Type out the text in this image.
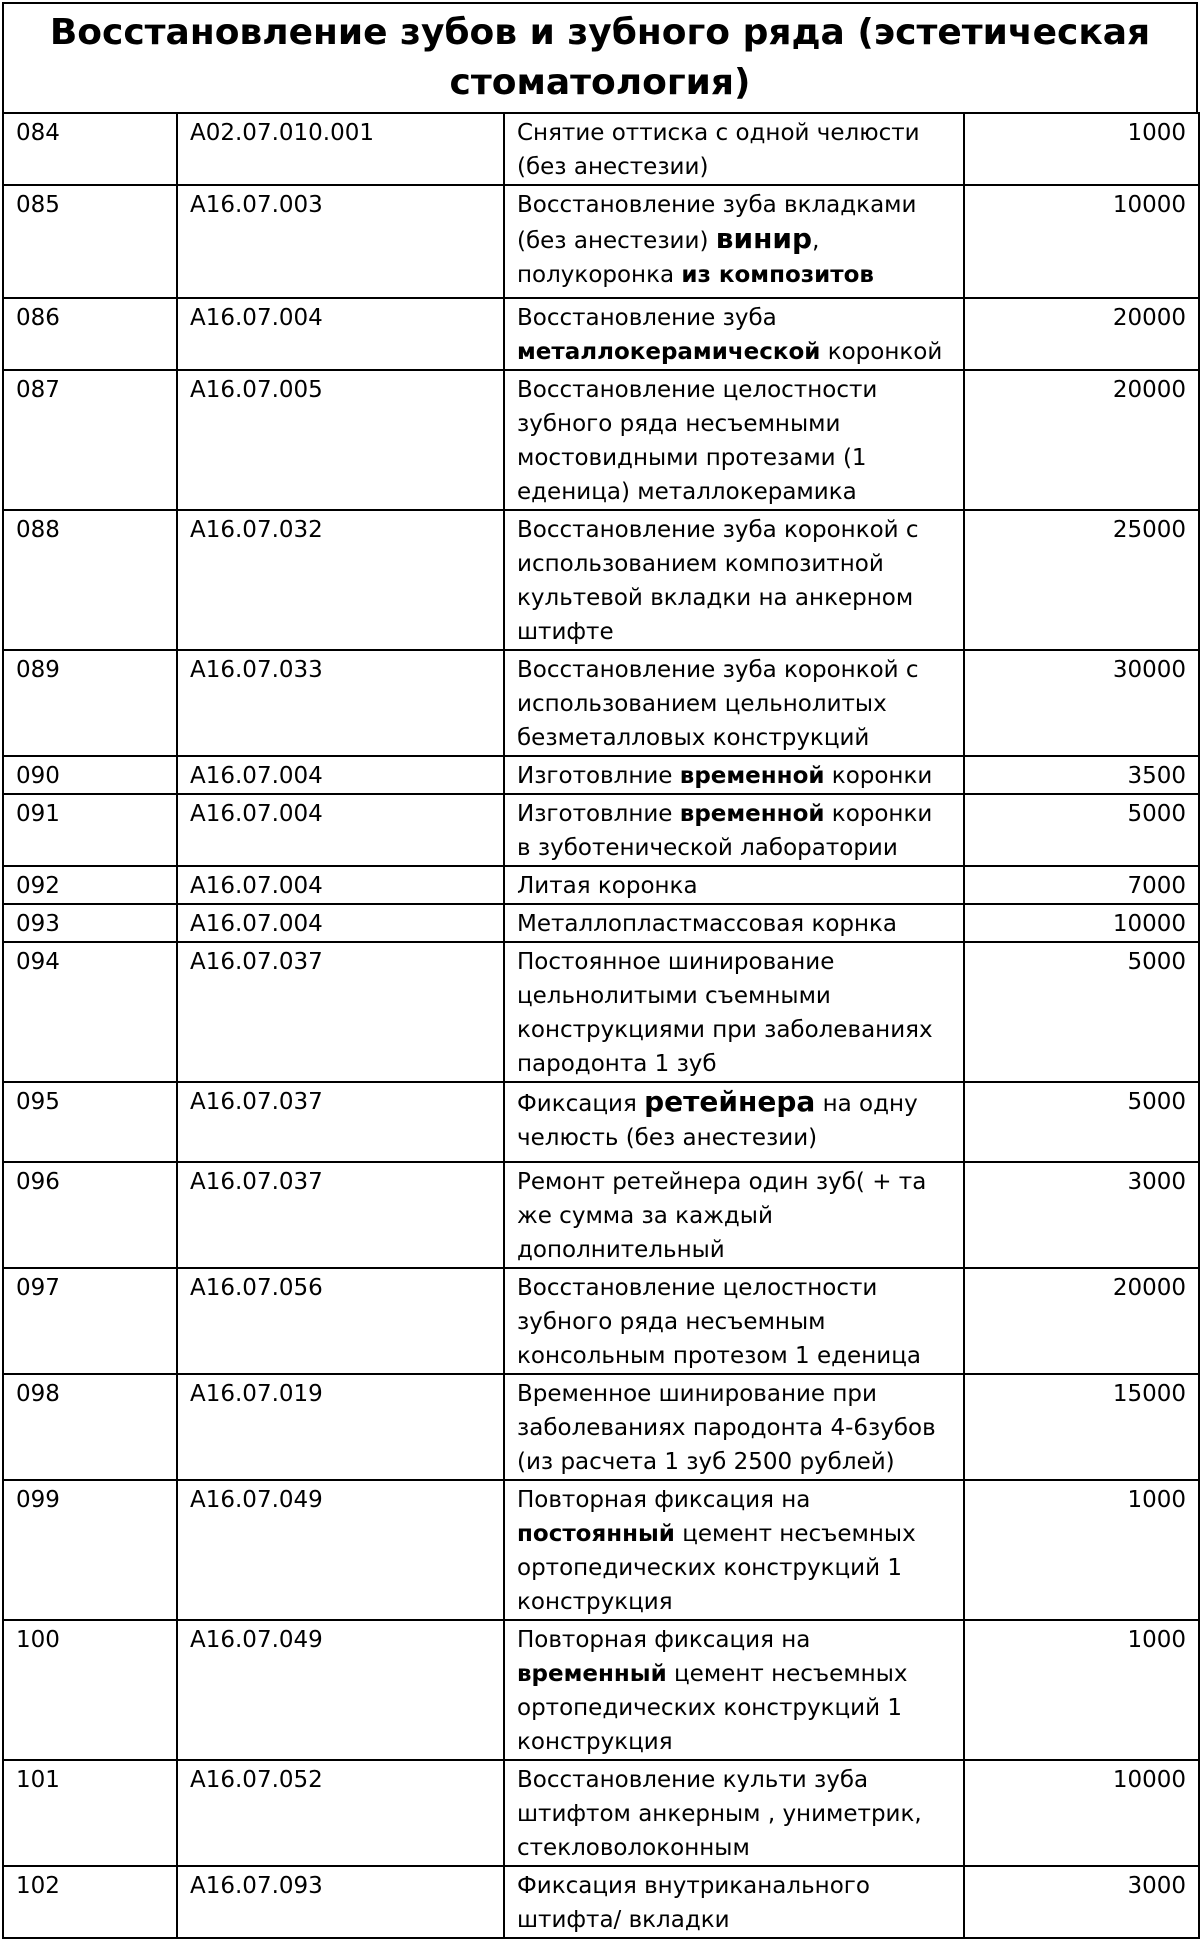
Восстановление зубов и зубного ряда (эстетическая стоматология)
084	A02.07.010.001	Снятие оттиска с одной челюсти (без анестезии)	1000
085	A16.07.003	Восстановление зуба вкладками (без анестезии) винир, полукоронка из композитов	10000
086	A16.07.004	Восстановление зуба металлокерамической коронкой	20000
087	A16.07.005	Восстановление целостности зубного ряда несъемными мостовидными протезами (1 еденица) металлокерамика	20000
088	A16.07.032	Восстановление зуба коронкой с использованием композитной культевой вкладки на анкерном штифте	25000
089	A16.07.033	Восстановление зуба коронкой с использованием цельнолитых безметалловых конструкций	30000
090	A16.07.004	Изготовлние временной коронки	3500
091	A16.07.004	Изготовлние временной коронки в зуботенической лаборатории	5000
092	A16.07.004	Литая коронка	7000
093	A16.07.004	Металлопластмассовая корнка	10000
094	A16.07.037	Постоянное шинирование цельнолитыми съемными конструкциями при заболеваниях пародонта 1 зуб	5000
095	A16.07.037	Фиксация ретейнера на одну челюсть (без анестезии)	5000
096	A16.07.037	Ремонт ретейнера один зуб( + та же сумма за каждый дополнительный	3000
097	A16.07.056	Восстановление целостности зубного ряда несъемным консольным протезом 1 еденица	20000
098	A16.07.019	Временное шинирование при заболеваниях пародонта 4-6зубов (из расчета 1 зуб 2500 рублей)	15000
099	A16.07.049	Повторная фиксация на постоянный цемент несъемных ортопедических конструкций 1 конструкция	1000
100	A16.07.049	Повторная фиксация на временный цемент несъемных ортопедических конструкций 1 конструкция	1000
101	A16.07.052	Восстановление культи зуба штифтом анкерным , униметрик, стекловолоконным	10000
102	A16.07.093	Фиксация внутриканального штифта/ вкладки	3000
